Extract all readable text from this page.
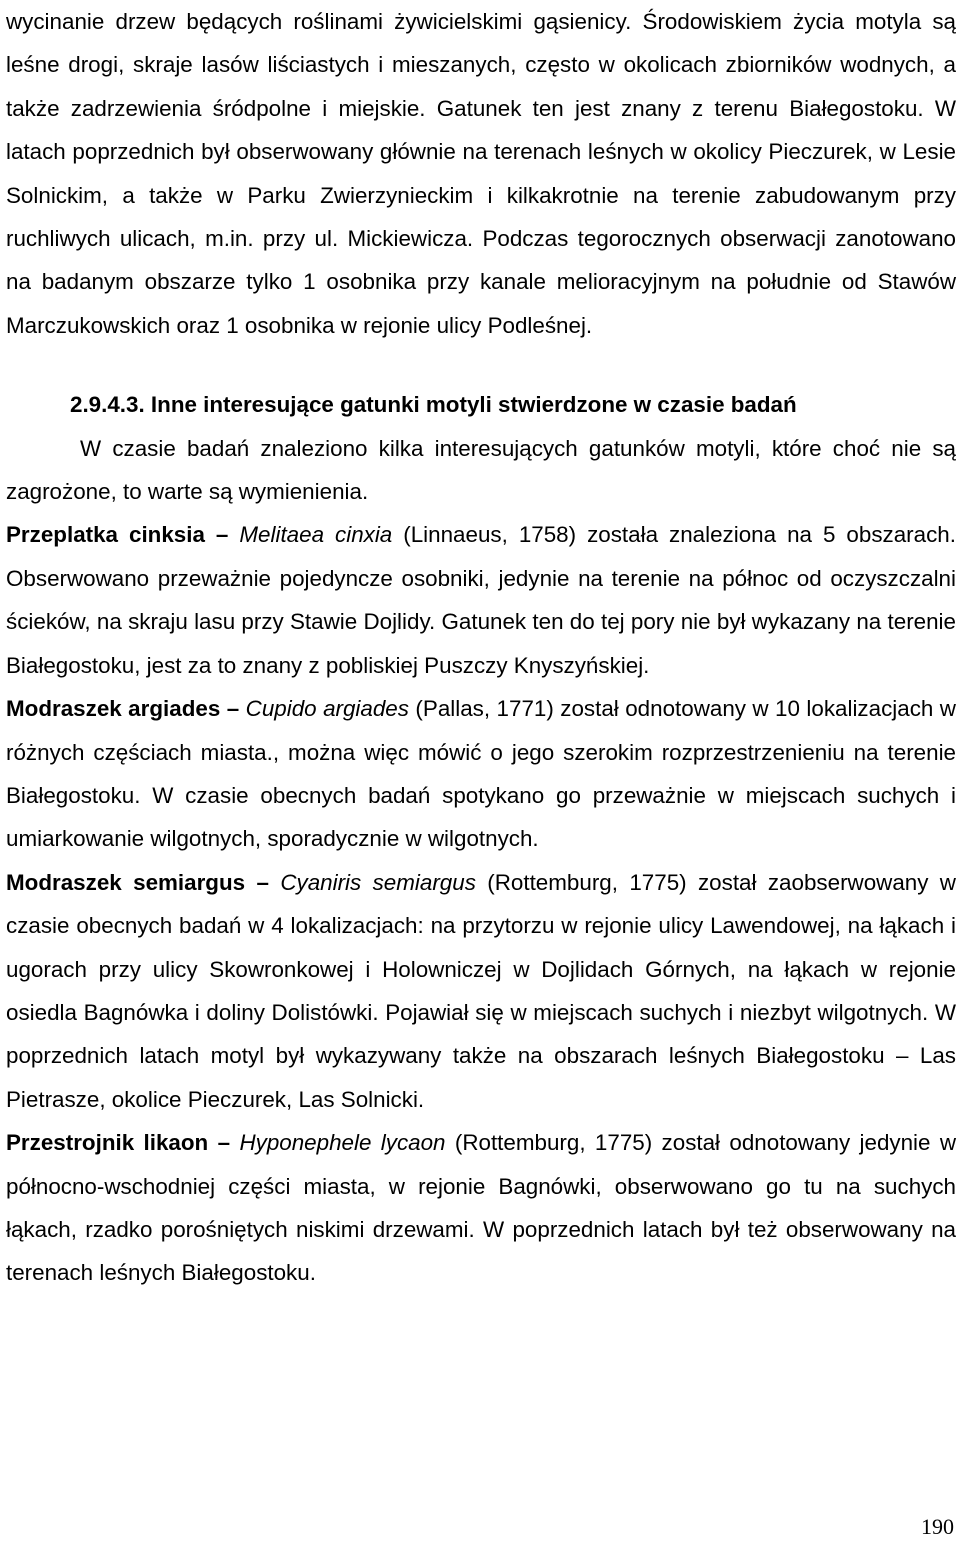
wycinanie drzew będących roślinami żywicielskimi gąsienicy. Środowiskiem życia motyla są leśne drogi, skraje lasów liściastych i mieszanych, często w okolicach zbiorników wodnych, a także zadrzewienia śródpolne i miejskie. Gatunek ten jest znany z terenu Białegostoku. W latach poprzednich był obserwowany głównie na terenach leśnych w okolicy Pieczurek, w Lesie Solnickim, a także w Parku Zwierzynieckim i kilkakrotnie na terenie zabudowanym przy ruchliwych ulicach, m.in. przy ul. Mickiewicza. Podczas tegorocznych obserwacji zanotowano na badanym obszarze tylko 1 osobnika przy kanale melioracyjnym na południe od Stawów Marczukowskich oraz 1 osobnika w rejonie ulicy Podleśnej.

2.9.4.3. Inne interesujące gatunki motyli stwierdzone w czasie badań

W czasie badań znaleziono kilka interesujących gatunków motyli, które choć nie są zagrożone, to warte są wymienienia.

Przeplatka cinksia – Melitaea cinxia (Linnaeus, 1758) została znaleziona na 5 obszarach. Obserwowano przeważnie pojedyncze osobniki, jedynie na terenie na północ od oczyszczalni ścieków, na skraju lasu przy Stawie Dojlidy. Gatunek ten do tej pory nie był wykazany na terenie Białegostoku, jest za to znany z pobliskiej Puszczy Knyszyńskiej.

Modraszek argiades – Cupido argiades (Pallas, 1771) został odnotowany w 10 lokalizacjach w różnych częściach miasta., można więc mówić o jego szerokim rozprzestrzenieniu na terenie Białegostoku. W czasie obecnych badań spotykano go przeważnie w miejscach suchych i umiarkowanie wilgotnych, sporadycznie w wilgotnych.

Modraszek semiargus – Cyaniris semiargus (Rottemburg, 1775) został zaobserwowany w czasie obecnych badań w 4 lokalizacjach: na przytorzu w rejonie ulicy Lawendowej, na łąkach i ugorach przy ulicy Skowronkowej i Holowniczej w Dojlidach Górnych, na łąkach w rejonie osiedla Bagnówka i doliny Dolistówki. Pojawiał się w miejscach suchych i niezbyt wilgotnych. W poprzednich latach motyl był wykazywany także na obszarach leśnych Białegostoku – Las Pietrasze, okolice Pieczurek, Las Solnicki.

Przestrojnik likaon – Hyponephele lycaon (Rottemburg, 1775) został odnotowany jedynie w północno-wschodniej części miasta, w rejonie Bagnówki, obserwowano go tu na suchych łąkach, rzadko porośniętych niskimi drzewami. W poprzednich latach był też obserwowany na terenach leśnych Białegostoku.

190
